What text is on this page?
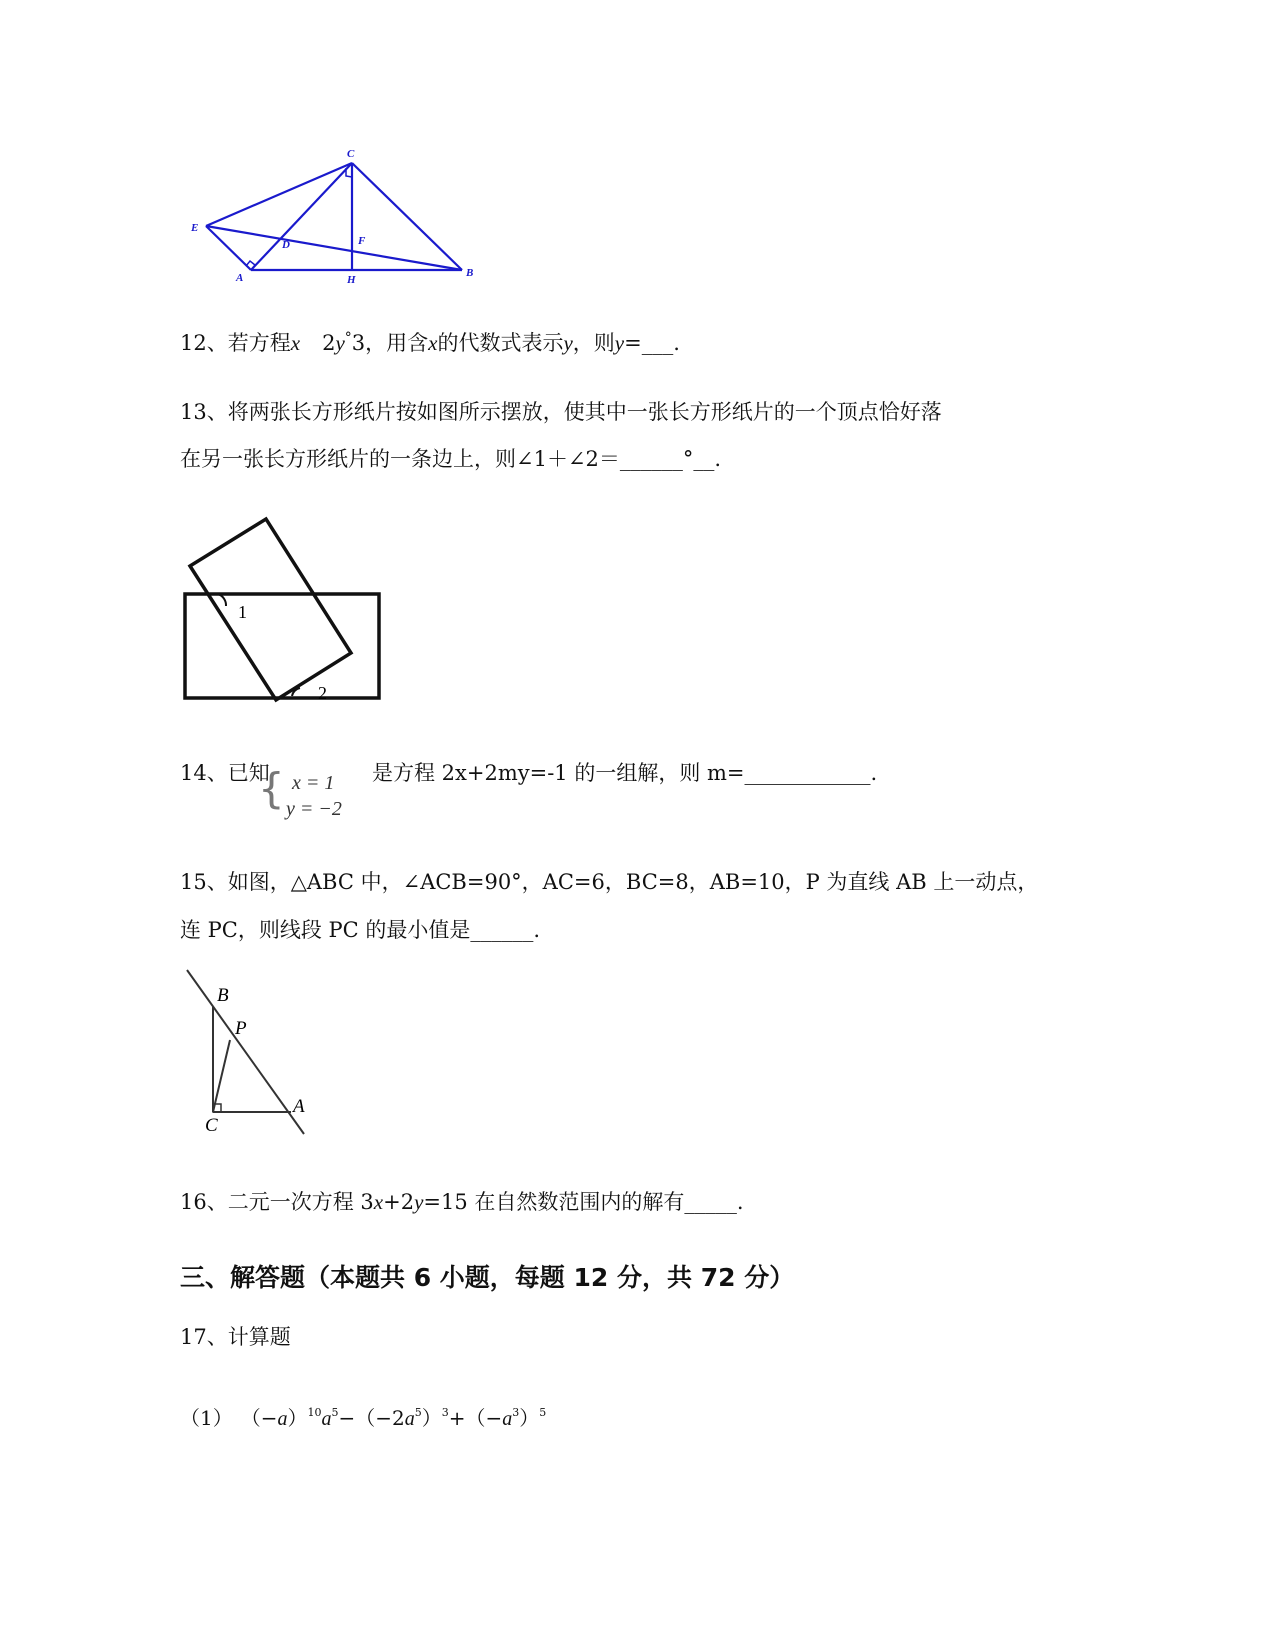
C
E
D	F
A	H
B
12、若方程x 2y°3，用含x的代数式表示y，则y=___.
13、将两张长方形纸片按如图所示摆放，使其中一张长方形纸片的一个顶点恰好落
在另一张长方形纸片的一条边上，则∠1＋∠2＝______°__.
1
2
14、已知
{ x = 1
y = −2
是方程 2x+2my=-1 的一组解，则 m=____________.
15、如图，△ABC 中，∠ACB=90°，AC=6，BC=8，AB=10，P 为直线 AB 上一动点，
连 PC，则线段 PC 的最小值是______.
B
P
C
A
16、二元一次方程 3x+2y=15 在自然数范围内的解有_____.
三、解答题（本题共 6 小题，每题 12 分，共 72 分）
17、计算题
（1） $(-a)^{10}a^5-(-2a^5)^3+(-a^3)^5$
